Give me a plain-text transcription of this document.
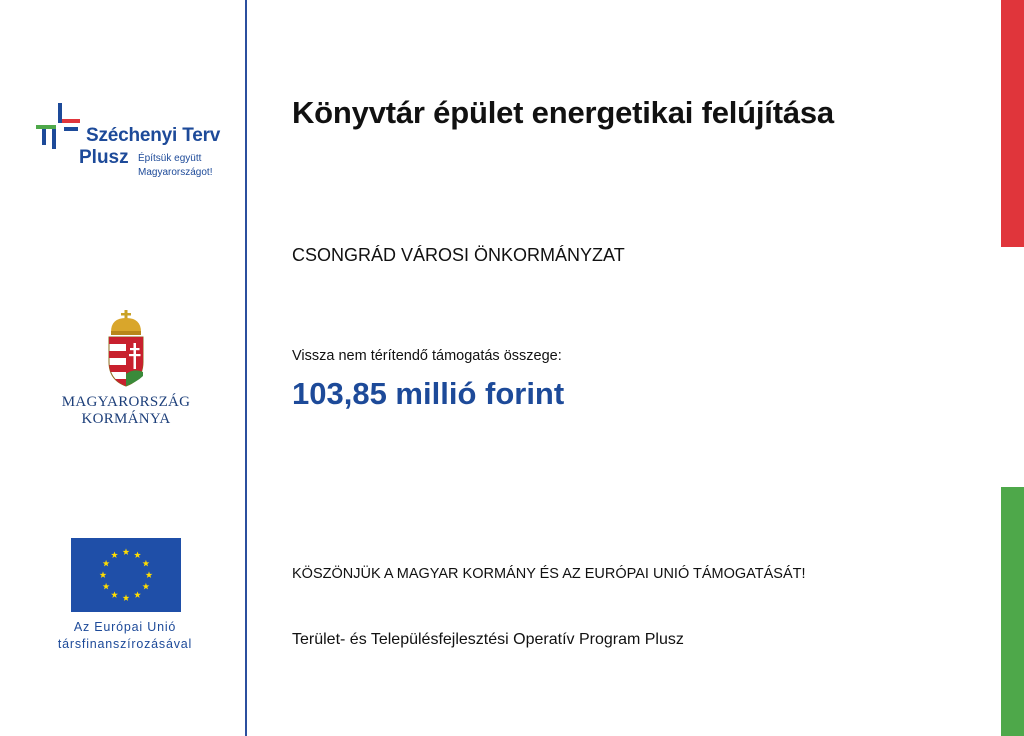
Széchenyi Terv
Plusz Építsük együtt
Magyarországot!
MAGYARORSZÁG
KORMÁNYA
Az Európai Unió
társfinanszírozásával
Könyvtár épület energetikai felújítása
CSONGRÁD VÁROSI ÖNKORMÁNYZAT
Vissza nem térítendő támogatás összege:
103,85 millió forint
KÖSZÖNJÜK A MAGYAR KORMÁNY ÉS AZ EURÓPAI UNIÓ TÁMOGATÁSÁT!
Terület- és Településfejlesztési Operatív Program Plusz
